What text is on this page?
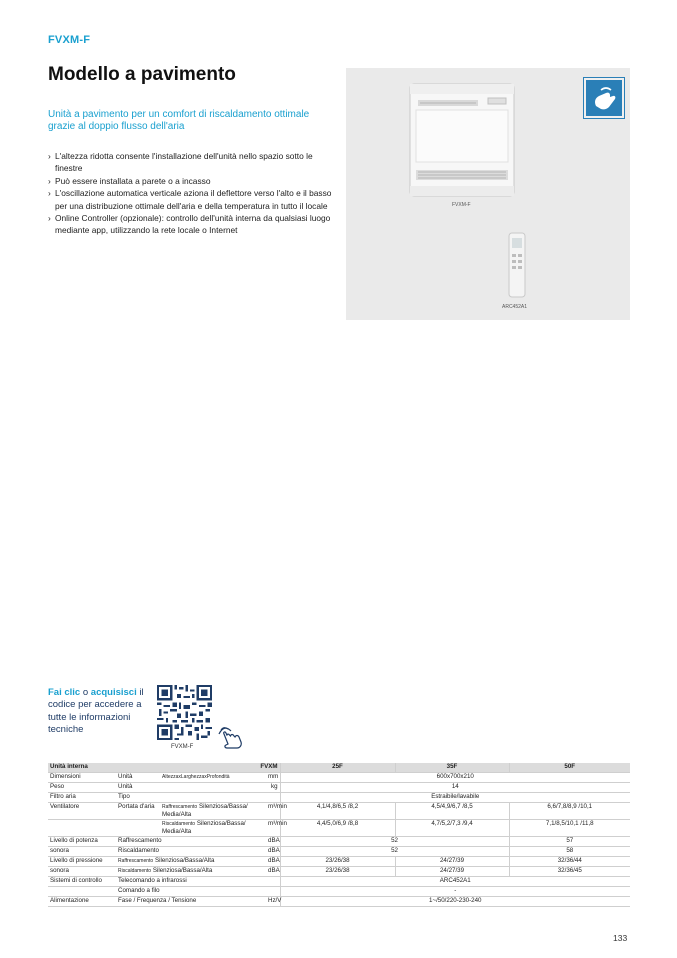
FVXM-F
Modello a pavimento
Unità a pavimento per un comfort di riscaldamento ottimale grazie al doppio flusso dell'aria
› L'altezza ridotta consente l'installazione dell'unità nello spazio sotto le finestre
› Può essere installata a parete o a incasso
› L'oscillazione automatica verticale aziona il deflettore verso l'alto e il basso per una distribuzione ottimale dell'aria e della temperatura in tutto il locale
› Online Controller (opzionale): controllo dell'unità interna da qualsiasi luogo mediante app, utilizzando la rete locale o Internet
FVXM-F
ARC452A1
Fai clic o acquisisci il codice per accedere a tutte le informazioni tecniche
FVXM-F
Unità interna		FVXM		25F	35F	50F
Dimensioni	Unità	AltezzaxLarghezzaxProfondità	mm	600x700x210		
Peso	Unità		kg	14		
Filtro aria	Tipo			Estraibile/lavabile		
Ventilatore	Portata d'aria	Raffrescamento Silenziosa/Bassa/ Media/Alta	m³/min	4,1/4,8/6,5 /8,2	4,5/4,9/6,7 /8,5	6,6/7,8/8,9 /10,1
		Riscaldamento Silenziosa/Bassa/ Media/Alta	m³/min	4,4/5,0/6,9 /8,8	4,7/5,2/7,3 /9,4	7,1/8,5/10,1 /11,8
Livello di potenza	Raffrescamento		dBA	52		57
sonora	Riscaldamento		dBA	52		58
Livello di pressione	Raffrescamento Silenziosa/Bassa/Alta		dBA	23/26/38	24/27/39	32/36/44
sonora	Riscaldamento Silenziosa/Bassa/Alta		dBA	23/26/38	24/27/39	32/36/45
Sistemi di controllo	Telecomando a infrarossi			ARC452A1		
	Comando a filo			-		
Alimentazione	Fase / Frequenza / Tensione		Hz/V	1~/50/220-230-240		
133
